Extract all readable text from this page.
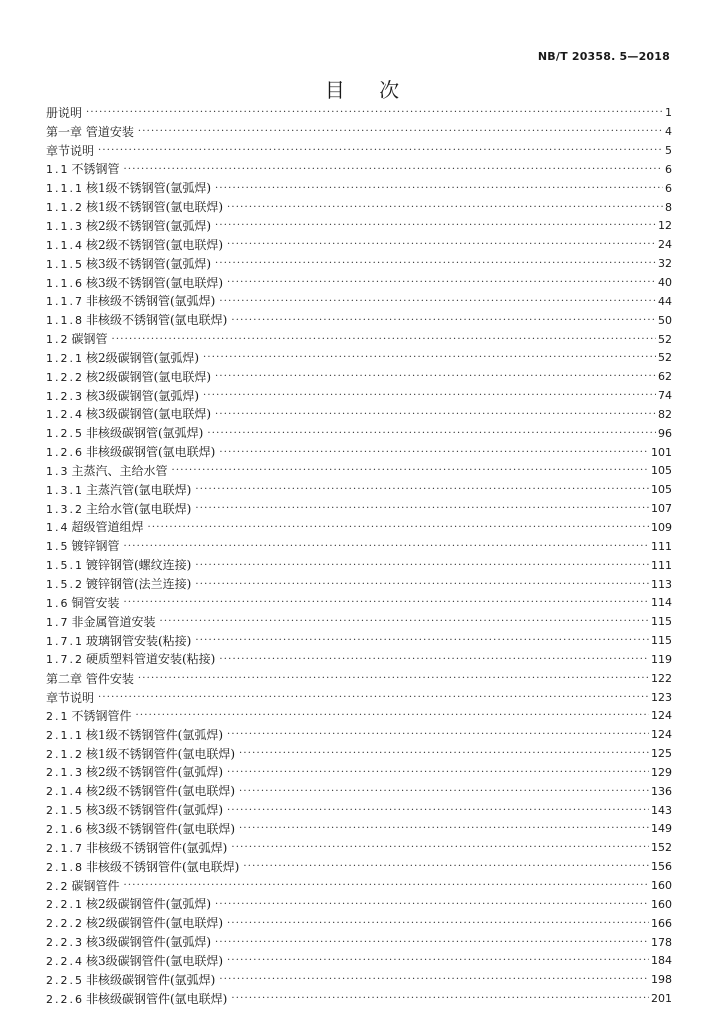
NB/T 20358. 5—2018
目 次
册说明 ·····	1
第一章 管道安装 ·····	4
章节说明 ·····	5
1.1 不锈钢管 ·····	6
1.1.1 核1级不锈钢管(氩弧焊) ·····	6
1.1.2 核1级不锈钢管(氩电联焊) ·····	8
1.1.3 核2级不锈钢管(氩弧焊) ·····	12
1.1.4 核2级不锈钢管(氩电联焊) ·····	24
1.1.5 核3级不锈钢管(氩弧焊) ·····	32
1.1.6 核3级不锈钢管(氩电联焊) ·····	40
1.1.7 非核级不锈钢管(氩弧焊) ·····	44
1.1.8 非核级不锈钢管(氩电联焊) ·····	50
1.2 碳钢管 ·····	52
1.2.1 核2级碳钢管(氩弧焊) ·····	52
1.2.2 核2级碳钢管(氩电联焊) ·····	62
1.2.3 核3级碳钢管(氩弧焊) ·····	74
1.2.4 核3级碳钢管(氩电联焊) ·····	82
1.2.5 非核级碳钢管(氩弧焊) ·····	96
1.2.6 非核级碳钢管(氩电联焊) ·····	101
1.3 主蒸汽、主给水管 ·····	105
1.3.1 主蒸汽管(氩电联焊) ·····	105
1.3.2 主给水管(氩电联焊) ·····	107
1.4 超级管道组焊 ·····	109
1.5 镀锌钢管 ·····	111
1.5.1 镀锌钢管(螺纹连接) ·····	111
1.5.2 镀锌钢管(法兰连接) ·····	113
1.6 铜管安装 ·····	114
1.7 非金属管道安装 ·····	115
1.7.1 玻璃钢管安装(粘接) ·····	115
1.7.2 硬质塑料管道安装(粘接) ·····	119
第二章 管件安装 ·····	122
章节说明 ·····	123
2.1 不锈钢管件 ·····	124
2.1.1 核1级不锈钢管件(氩弧焊) ·····	124
2.1.2 核1级不锈钢管件(氩电联焊) ·····	125
2.1.3 核2级不锈钢管件(氩弧焊) ·····	129
2.1.4 核2级不锈钢管件(氩电联焊) ·····	136
2.1.5 核3级不锈钢管件(氩弧焊) ·····	143
2.1.6 核3级不锈钢管件(氩电联焊) ·····	149
2.1.7 非核级不锈钢管件(氩弧焊) ·····	152
2.1.8 非核级不锈钢管件(氩电联焊) ·····	156
2.2 碳钢管件 ·····	160
2.2.1 核2级碳钢管件(氩弧焊) ·····	160
2.2.2 核2级碳钢管件(氩电联焊) ·····	166
2.2.3 核3级碳钢管件(氩弧焊) ·····	178
2.2.4 核3级碳钢管件(氩电联焊) ·····	184
2.2.5 非核级碳钢管件(氩弧焊) ·····	198
2.2.6 非核级碳钢管件(氩电联焊) ·····	201
